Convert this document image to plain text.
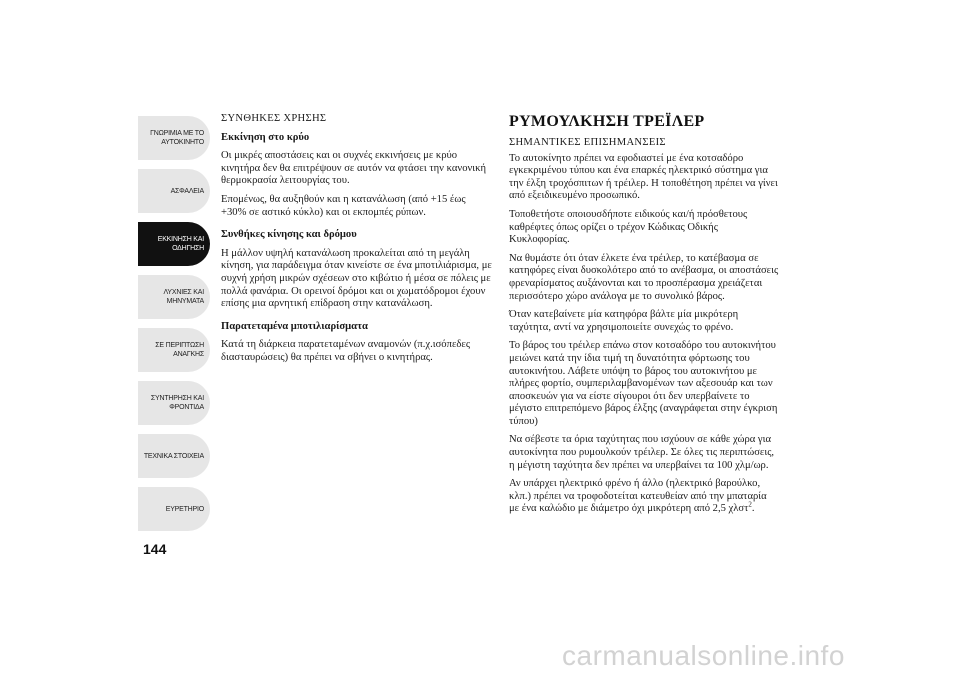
ΓΝΩΡΙΜΙΑ ΜΕ ΤΟ
ΑΥΤΟΚΙΝΗΤΟ
ΑΣΦΑΛΕΙΑ
ΕΚΚΙΝΗΣΗ ΚΑΙ
ΟΔΗΓΗΣΗ
ΛΥΧΝΙΕΣ ΚΑΙ
ΜΗΝΥΜΑΤΑ
ΣΕ ΠΕΡΙΠΤΩΣΗ
ΑΝΑΓΚΗΣ
ΣΥΝΤΗΡΗΣΗ ΚΑΙ
ΦΡΟΝΤΙΔΑ
ΤΕΧΝΙΚΑ ΣΤΟΙΧΕΙΑ
ΕΥΡΕΤΗΡΙΟ
144

ΣΥΝΘΗΚΕΣ ΧΡΗΣΗΣ

Εκκίνηση στο κρύο

Οι μικρές αποστάσεις και οι συχνές εκκινήσεις με κρύο κινητήρα δεν θα επιτρέψουν σε αυτόν να φτάσει την κανονική θερμοκρασία λειτουργίας του.

Επομένως, θα αυξηθούν και η κατανάλωση (από +15 έως +30% σε αστικό κύκλο) και οι εκπομπές ρύπων.

Συνθήκες κίνησης και δρόμου

Η μάλλον υψηλή κατανάλωση προκαλείται από τη μεγάλη κίνηση, για παράδειγμα όταν κινείστε σε ένα μποτιλιάρισμα, με συχνή χρήση μικρών σχέσεων στο κιβώτιο ή μέσα σε πόλεις με πολλά φανάρια. Οι ορεινοί δρόμοι και οι χωματόδρομοι έχουν επίσης μια αρνητική επίδραση στην κατανάλωση.

Παρατεταμένα μποτιλιαρίσματα

Κατά τη διάρκεια παρατεταμένων αναμονών (π.χ.ισόπεδες διασταυρώσεις) θα πρέπει να σβήνει ο κινητήρας.

ΡΥΜΟΥΛΚΗΣΗ ΤΡΕΪΛΕΡ

ΣΗΜΑΝΤΙΚΕΣ ΕΠΙΣΗΜΑΝΣΕΙΣ

Το αυτοκίνητο πρέπει να εφοδιαστεί με ένα κοτσαδόρο εγκεκριμένου τύπου και ένα επαρκές ηλεκτρικό σύστημα για την έλξη τροχόσπιτων ή τρέιλερ. Η τοποθέτηση πρέπει να γίνει από εξειδικευμένο προσωπικό.

Τοποθετήστε οποιουσδήποτε ειδικούς και/ή πρόσθετους καθρέφτες όπως ορίζει ο τρέχον Κώδικας Οδικής Κυκλοφορίας.

Να θυμάστε ότι όταν έλκετε ένα τρέιλερ, το κατέβασμα σε κατηφόρες είναι δυσκολότερο από το ανέβασμα, οι αποστάσεις φρεναρίσματος αυξάνονται και το προσπέρασμα χρειάζεται περισσότερο χώρο ανάλογα με το συνολικό βάρος.

Όταν κατεβαίνετε μία κατηφόρα βάλτε μία μικρότερη ταχύτητα, αντί να χρησιμοποιείτε συνεχώς το φρένο.

Το βάρος του τρέιλερ επάνω στον κοτσαδόρο του αυτοκινήτου μειώνει κατά την ίδια τιμή τη δυνατότητα φόρτωσης του αυτοκινήτου. Λάβετε υπόψη το βάρος του αυτοκινήτου με πλήρες φορτίο, συμπεριλαμβανομένων των αξεσουάρ και των αποσκευών για να είστε σίγουροι ότι δεν υπερβαίνετε το μέγιστο επιτρεπόμενο βάρος έλξης (αναγράφεται στην έγκριση τύπου)

Να σέβεστε τα όρια ταχύτητας που ισχύουν σε κάθε χώρα για αυτοκίνητα που ρυμουλκούν τρέιλερ. Σε όλες τις περιπτώσεις, η μέγιστη ταχύτητα δεν πρέπει να υπερβαίνει τα 100 χλμ/ωρ.

Αν υπάρχει ηλεκτρικό φρένο ή άλλο (ηλεκτρικό βαρούλκο, κλπ.) πρέπει να τροφοδοτείται κατευθείαν από την μπαταρία με ένα καλώδιο με διάμετρο όχι μικρότερη από 2,5 χλστ$^2$.

carmanualsonline.info
